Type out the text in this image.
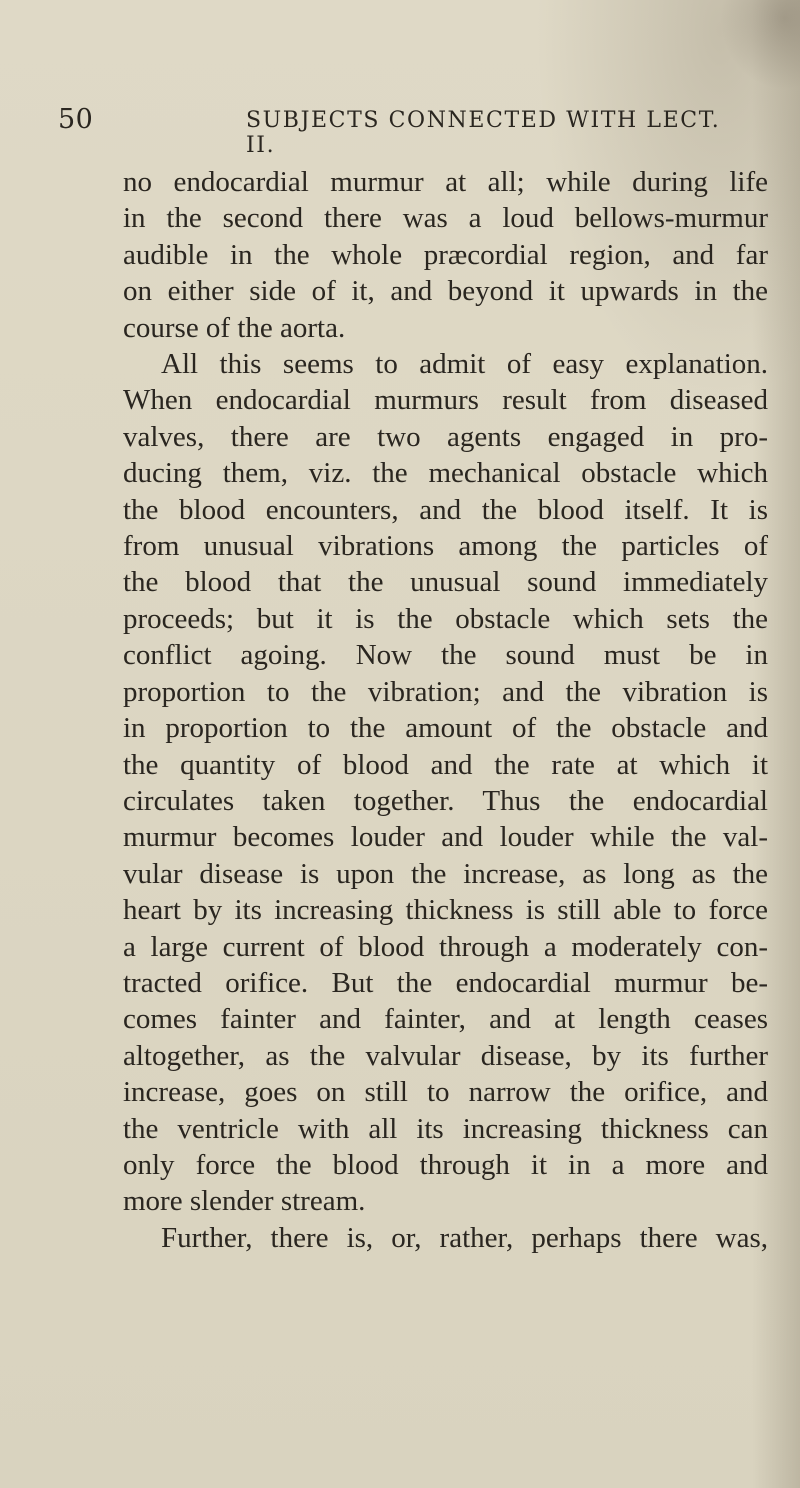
50	SUBJECTS CONNECTED WITH LECT. II.

no endocardial murmur at all; while during life
in the second there was a loud bellows-murmur
audible in the whole præcordial region, and far
on either side of it, and beyond it upwards in the
course of the aorta.

All this seems to admit of easy explanation.
When endocardial murmurs result from diseased
valves, there are two agents engaged in pro-
ducing them, viz. the mechanical obstacle which
the blood encounters, and the blood itself. It is
from unusual vibrations among the particles of
the blood that the unusual sound immediately
proceeds; but it is the obstacle which sets the
conflict agoing. Now the sound must be in
proportion to the vibration; and the vibration is
in proportion to the amount of the obstacle and
the quantity of blood and the rate at which it
circulates taken together. Thus the endocardial
murmur becomes louder and louder while the val-
vular disease is upon the increase, as long as the
heart by its increasing thickness is still able to force
a large current of blood through a moderately con-
tracted orifice. But the endocardial murmur be-
comes fainter and fainter, and at length ceases
altogether, as the valvular disease, by its further
increase, goes on still to narrow the orifice, and
the ventricle with all its increasing thickness can
only force the blood through it in a more and
more slender stream.

Further, there is, or, rather, perhaps there was,
